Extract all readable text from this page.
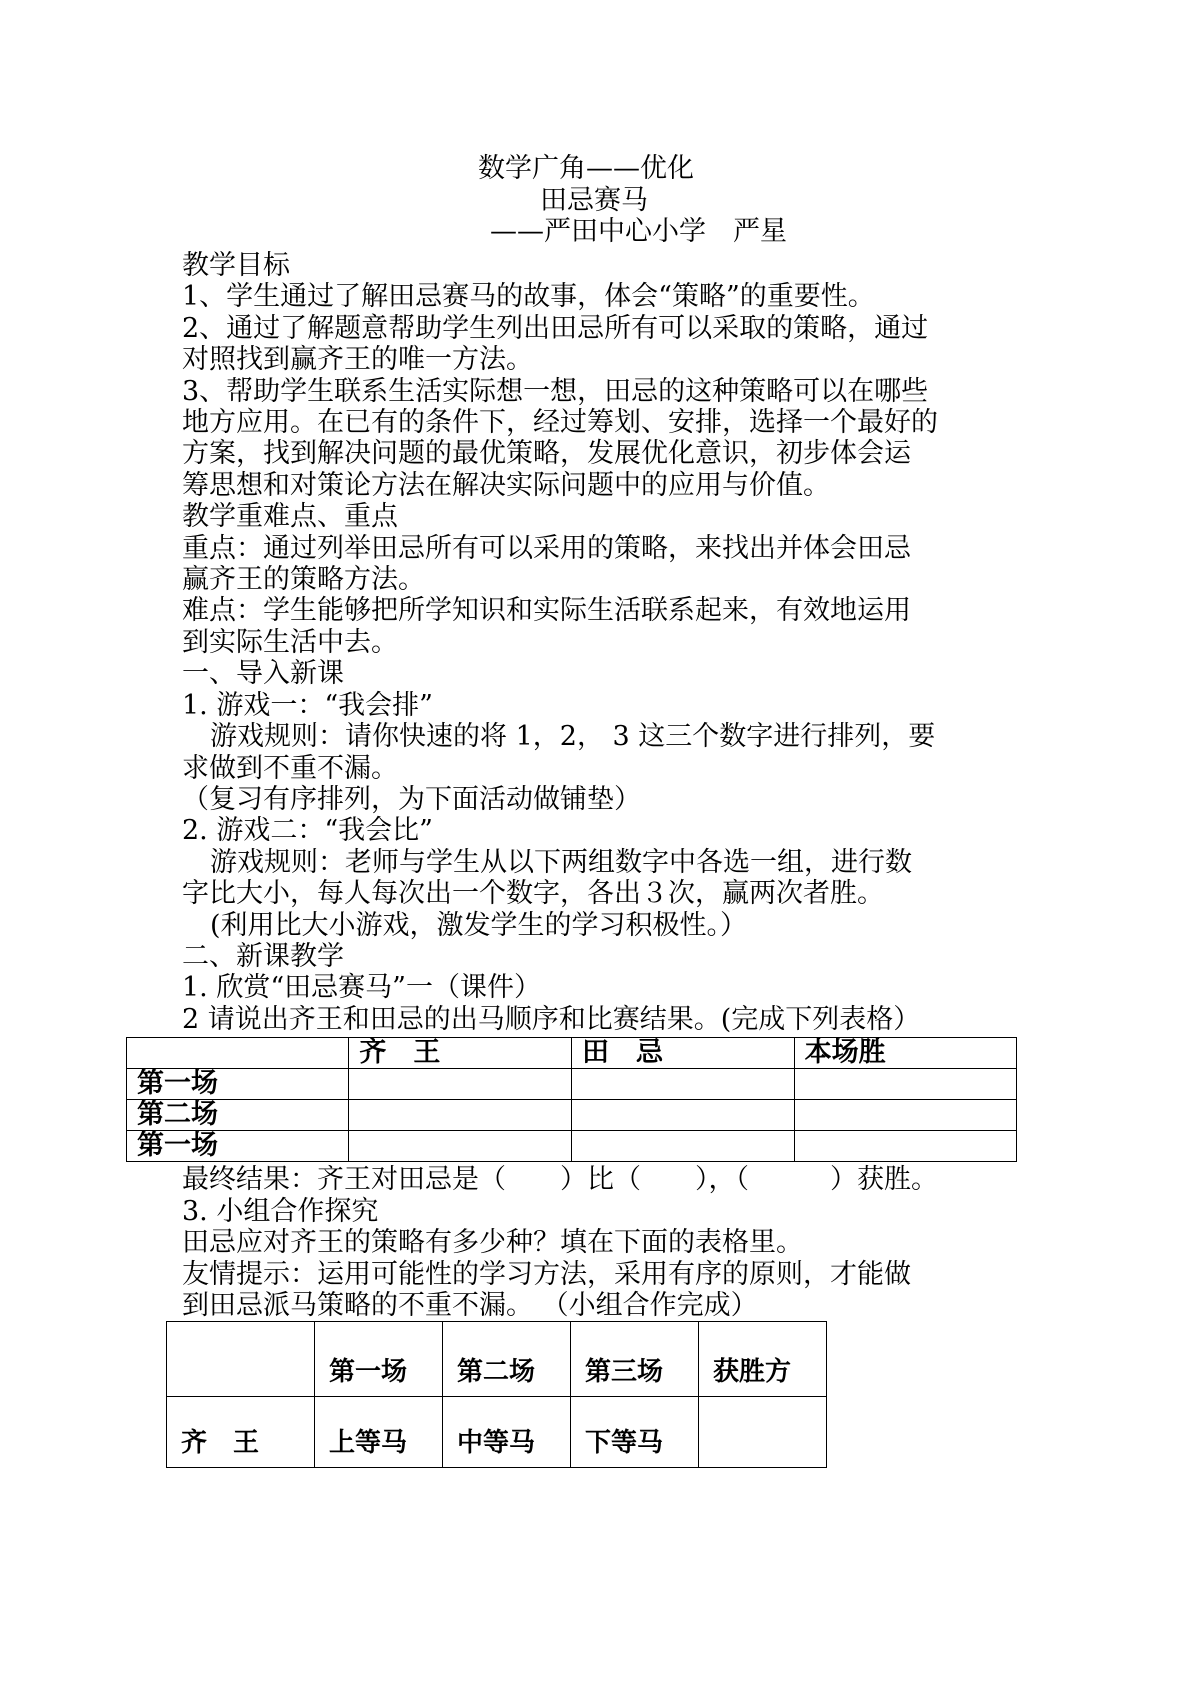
数学广角——优化
田忌赛马
——严田中心小学　严星

教学目标

1、学生通过了解田忌赛马的故事，体会“策略”的重要性。

2、通过了解题意帮助学生列出田忌所有可以采取的策略，通过

对照找到赢齐王的唯一方法。

3、帮助学生联系生活实际想一想，田忌的这种策略可以在哪些

地方应用。在已有的条件下，经过筹划、安排，选择一个最好的

方案，找到解决问题的最优策略，发展优化意识，初步体会运

筹思想和对策论方法在解决实际问题中的应用与价值。

教学重难点、重点

重点：通过列举田忌所有可以采用的策略，来找出并体会田忌

赢齐王的策略方法。

难点：学生能够把所学知识和实际生活联系起来，有效地运用

到实际生活中去。

一、导入新课

1. 游戏一：“我会排”

游戏规则：请你快速的将 1，2， 3 这三个数字进行排列，要

求做到不重不漏。

（复习有序排列，为下面活动做铺垫）

2. 游戏二：“我会比”

游戏规则：老师与学生从以下两组数字中各选一组，进行数

字比大小，每人每次出一个数字，各出３次，赢两次者胜。

(利用比大小游戏，激发学生的学习积极性。）

二、新课教学

1. 欣赏“田忌赛马”一（课件）

2 请说出齐王和田忌的出马顺序和比赛结果。(完成下列表格）

	齐　王	田　忌	本场胜
第一场			
第二场			
第一场			
最终结果：齐王对田忌是（　　）比（　　），（　　　）获胜。

3. 小组合作探究

田忌应对齐王的策略有多少种？填在下面的表格里。

友情提示：运用可能性的学习方法，采用有序的原则，才能做

到田忌派马策略的不重不漏。 （小组合作完成）

	第一场	第二场	第三场	获胜方
齐　王	上等马	中等马	下等马	
